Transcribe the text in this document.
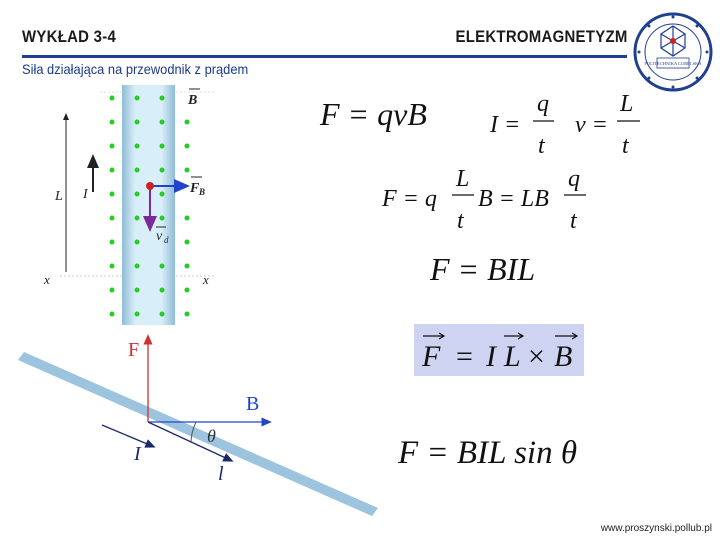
WYKŁAD 3-4	ELEKTROMAGNETYZM
Siła działająca na przewodnik z prądem	POLITECHNIKA LUBELSKA
B
F B
v d
L I
x	x
F
B
θ
I
l
F = qvB	I =
q
t
v =
L
t
F = q
L
t
B = LB
q
t
F = BIL
F = I L × B
F = BIL sin θ
www.proszynski.pollub.pl
